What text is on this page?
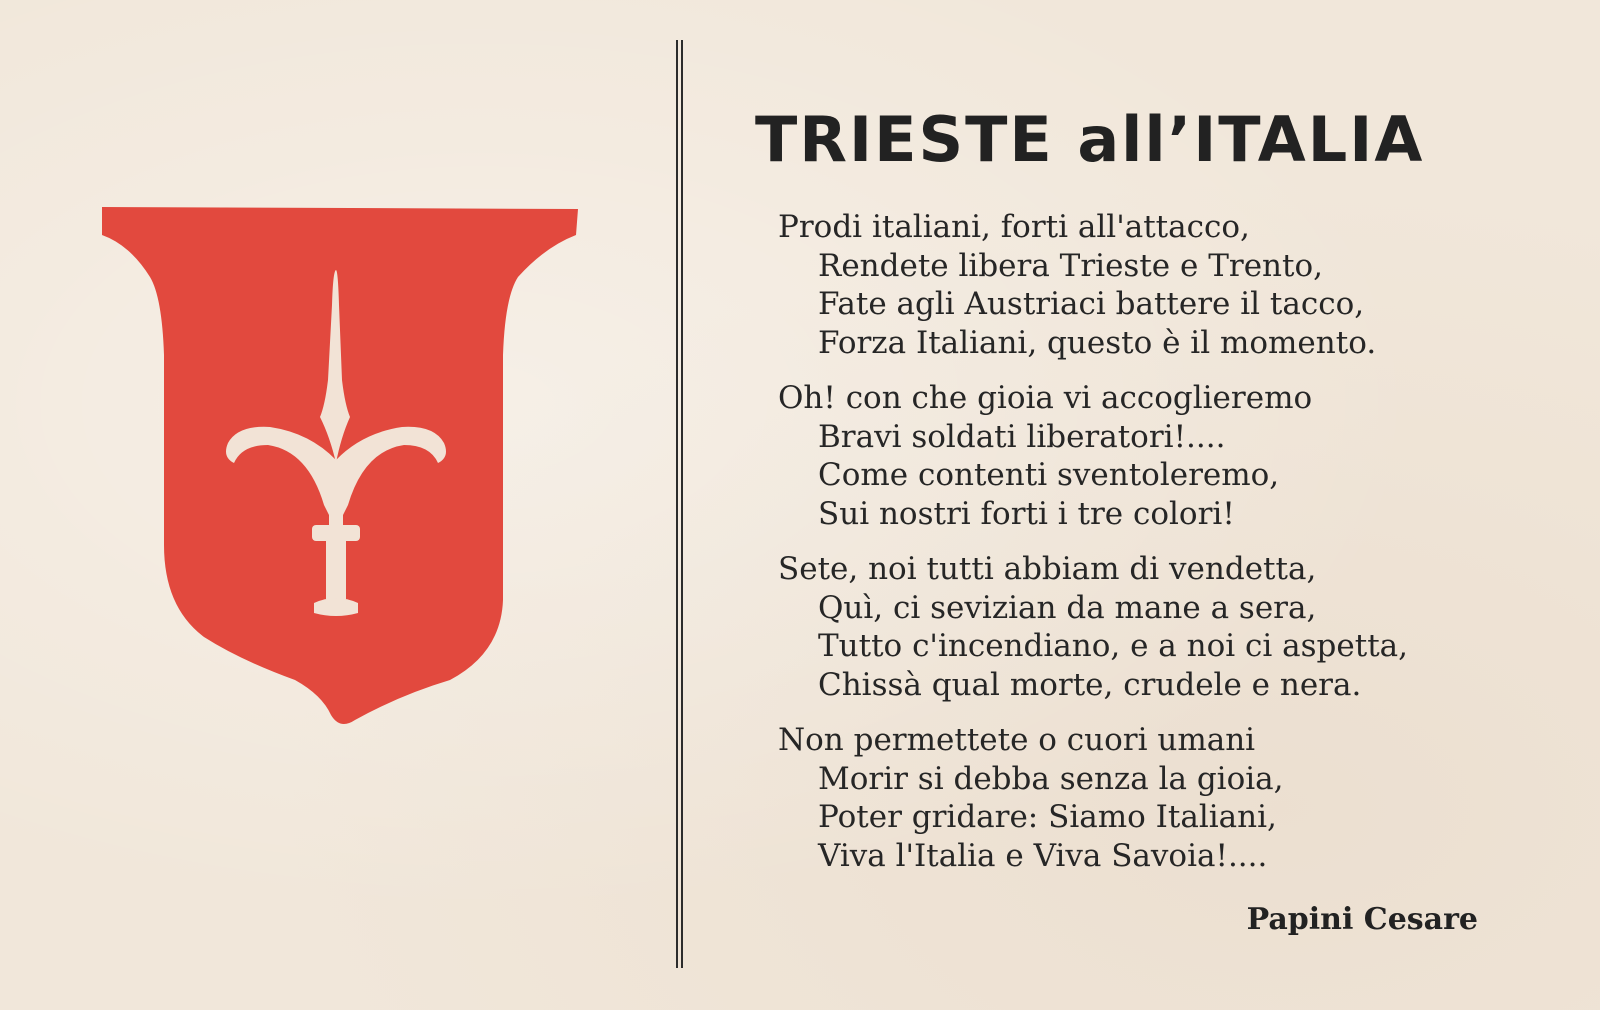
TRIESTE all’ITALIA
Prodi italiani, forti all'attacco,
Rendete libera Trieste e Trento,
Fate agli Austriaci battere il tacco,
Forza Italiani, questo è il momento.
Oh! con che gioia vi accoglieremo
Bravi soldati liberatori!....
Come contenti sventoleremo,
Sui nostri forti i tre colori!
Sete, noi tutti abbiam di vendetta,
Quì, ci sevizian da mane a sera,
Tutto c'incendiano, e a noi ci aspetta,
Chissà qual morte, crudele e nera.
Non permettete o cuori umani
Morir si debba senza la gioia,
Poter gridare: Siamo Italiani,
Viva l'Italia e Viva Savoia!....
Papini Cesare
